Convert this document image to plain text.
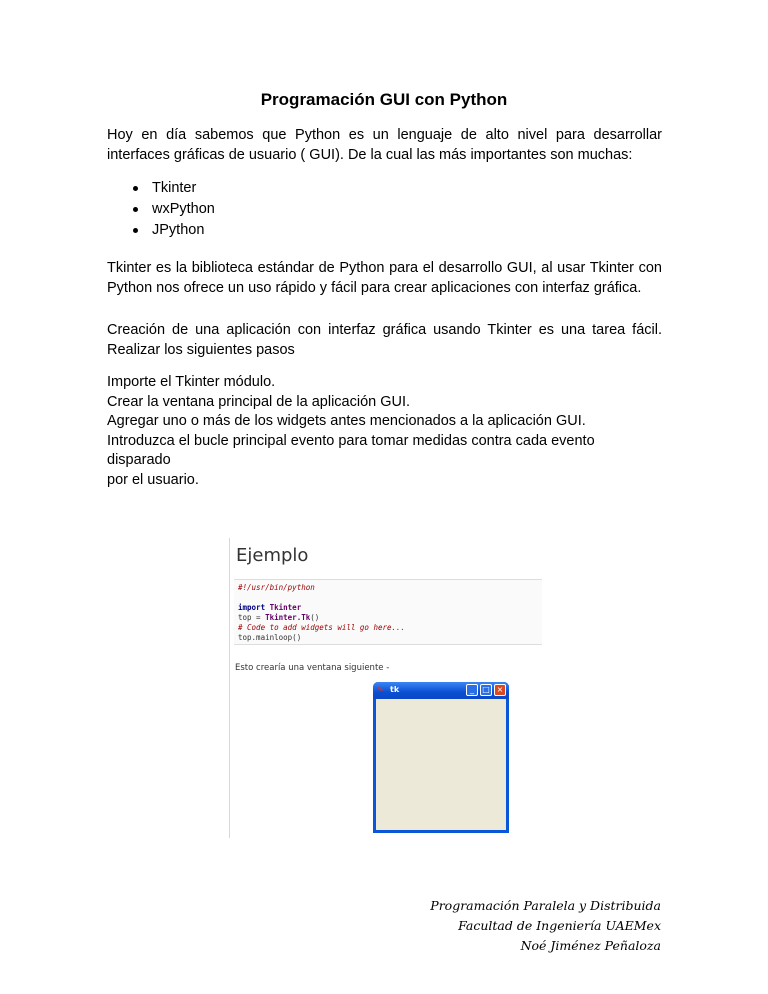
Programación GUI con Python
Hoy en día sabemos que Python es un lenguaje de alto nivel para desarrollar interfaces gráficas de usuario ( GUI). De la cual las más importantes son muchas:
Tkinter
wxPython
JPython
Tkinter es la biblioteca estándar de Python para el desarrollo GUI, al usar Tkinter con Python nos ofrece un uso rápido y fácil para crear aplicaciones con interfaz gráfica.
Creación de una aplicación con interfaz gráfica usando Tkinter es una tarea fácil. Realizar los siguientes pasos
Importe el Tkinter módulo.
Crear la ventana principal de la aplicación GUI.
Agregar uno o más de los widgets antes mencionados a la aplicación GUI.
Introduzca el bucle principal evento para tomar medidas contra cada evento
disparado
por el usuario.
Ejemplo
#!/usr/bin/python
import Tkinter
top = Tkinter.Tk()
# Code to add widgets will go here...
top.mainloop()
Esto crearía una ventana siguiente -
✎ tk	_	□ ×
Programación Paralela y Distribuida
Facultad de Ingeniería UAEMex
Noé Jiménez Peñaloza
